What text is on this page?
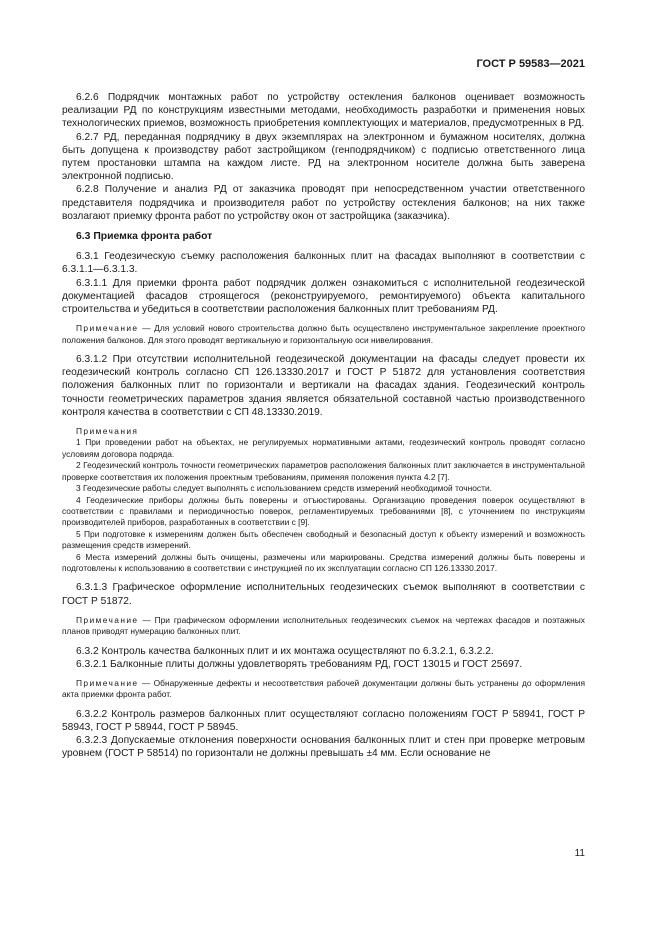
ГОСТ Р 59583—2021

6.2.6 Подрядчик монтажных работ по устройству остекления балконов оценивает возможность реализации РД по конструкциям известными методами, необходимость разработки и применения новых технологических приемов, возможность приобретения комплектующих и материалов, предусмотренных в РД.

6.2.7 РД, переданная подрядчику в двух экземплярах на электронном и бумажном носителях, должна быть допущена к производству работ застройщиком (генподрядчиком) с подписью ответственного лица путем простановки штампа на каждом листе. РД на электронном носителе должна быть заверена электронной подписью.

6.2.8 Получение и анализ РД от заказчика проводят при непосредственном участии ответственного представителя подрядчика и производителя работ по устройству остекления балконов; на них также возлагают приемку фронта работ по устройству окон от застройщика (заказчика).

6.3 Приемка фронта работ

6.3.1 Геодезическую съемку расположения балконных плит на фасадах выполняют в соответствии с 6.3.1.1—6.3.1.3.

6.3.1.1 Для приемки фронта работ подрядчик должен ознакомиться с исполнительной геодезической документацией фасадов строящегося (реконструируемого, ремонтируемого) объекта капитального строительства и убедиться в соответствии расположения балконных плит требованиям РД.

Примечание — Для условий нового строительства должно быть осуществлено инструментальное закрепление проектного положения балконов. Для этого проводят вертикальную и горизонтальную оси нивелирования.

6.3.1.2 При отсутствии исполнительной геодезической документации на фасады следует провести их геодезический контроль согласно СП 126.13330.2017 и ГОСТ Р 51872 для установления соответствия положения балконных плит по горизонтали и вертикали на фасадах здания. Геодезический контроль точности геометрических параметров здания является обязательной составной частью производственного контроля качества в соответствии с СП 48.13330.2019.

Примечания

1 При проведении работ на объектах, не регулируемых нормативными актами, геодезический контроль проводят согласно условиям договора подряда.

2 Геодезический контроль точности геометрических параметров расположения балконных плит заключается в инструментальной проверке соответствия их положения проектным требованиям, применяя положения пункта 4.2 [7].

3 Геодезические работы следует выполнять с использованием средств измерений необходимой точности.

4 Геодезические приборы должны быть поверены и отъюстированы. Организацию проведения поверок осуществляют в соответствии с правилами и периодичностью поверок, регламентируемых требованиями [8], с уточнением по инструкциям производителей приборов, разработанных в соответствии с [9].

5 При подготовке к измерениям должен быть обеспечен свободный и безопасный доступ к объекту измерений и возможность размещения средств измерений.

6 Места измерений должны быть очищены, размечены или маркированы. Средства измерений должны быть поверены и подготовлены к использованию в соответствии с инструкцией по их эксплуатации согласно СП 126.13330.2017.

6.3.1.3 Графическое оформление исполнительных геодезических съемок выполняют в соответствии с ГОСТ Р 51872.

Примечание — При графическом оформлении исполнительных геодезических съемок на чертежах фасадов и поэтажных планов приводят нумерацию балконных плит.

6.3.2 Контроль качества балконных плит и их монтажа осуществляют по 6.3.2.1, 6.3.2.2.

6.3.2.1 Балконные плиты должны удовлетворять требованиям РД, ГОСТ 13015 и ГОСТ 25697.

Примечание — Обнаруженные дефекты и несоответствия рабочей документации должны быть устранены до оформления акта приемки фронта работ.

6.3.2.2 Контроль размеров балконных плит осуществляют согласно положениям ГОСТ Р 58941, ГОСТ Р 58943, ГОСТ Р 58944, ГОСТ Р 58945.

6.3.2.3 Допускаемые отклонения поверхности основания балконных плит и стен при проверке метровым уровнем (ГОСТ Р 58514) по горизонтали не должны превышать ±4 мм. Если основание не

11
